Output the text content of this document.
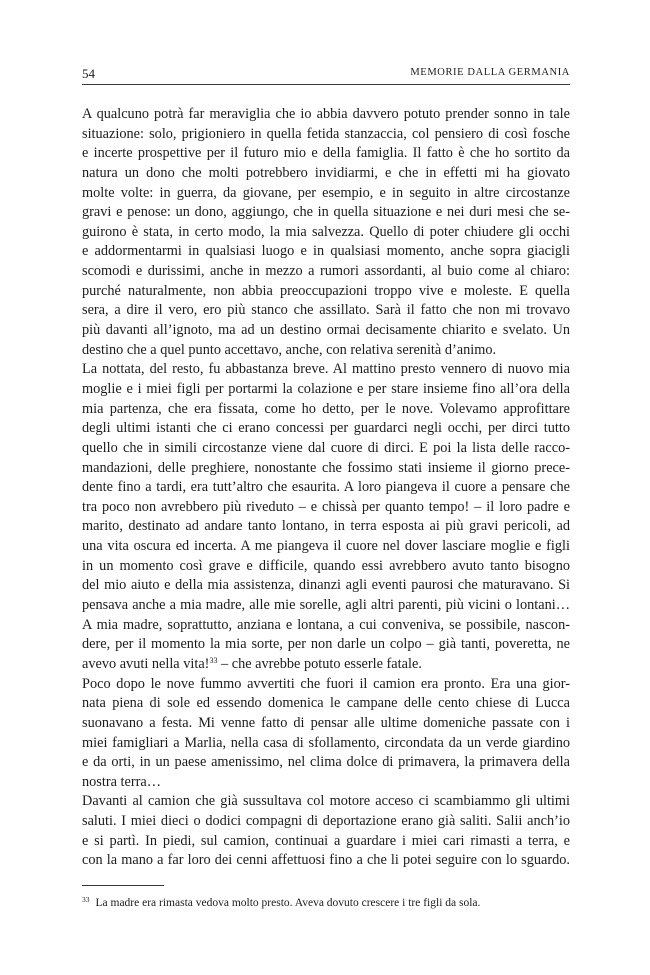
54	MEMORIE DALLA GERMANIA
A qualcuno potrà far meraviglia che io abbia davvero potuto prender sonno in tale
situazione: solo, prigioniero in quella fetida stanzaccia, col pensiero di così fosche
e incerte prospettive per il futuro mio e della famiglia. Il fatto è che ho sortito da
natura un dono che molti potrebbero invidiarmi, e che in effetti mi ha giovato
molte volte: in guerra, da giovane, per esempio, e in seguito in altre circostanze
gravi e penose: un dono, aggiungo, che in quella situazione e nei duri mesi che se-
guirono è stata, in certo modo, la mia salvezza. Quello di poter chiudere gli occhi
e addormentarmi in qualsiasi luogo e in qualsiasi momento, anche sopra giacigli
scomodi e durissimi, anche in mezzo a rumori assordanti, al buio come al chiaro:
purché naturalmente, non abbia preoccupazioni troppo vive e moleste. E quella
sera, a dire il vero, ero più stanco che assillato. Sarà il fatto che non mi trovavo
più davanti all’ignoto, ma ad un destino ormai decisamente chiarito e svelato. Un
destino che a quel punto accettavo, anche, con relativa serenità d’animo.
La nottata, del resto, fu abbastanza breve. Al mattino presto vennero di nuovo mia
moglie e i miei figli per portarmi la colazione e per stare insieme fino all’ora della
mia partenza, che era fissata, come ho detto, per le nove. Volevamo approfittare
degli ultimi istanti che ci erano concessi per guardarci negli occhi, per dirci tutto
quello che in simili circostanze viene dal cuore di dirci. E poi la lista delle racco-
mandazioni, delle preghiere, nonostante che fossimo stati insieme il giorno prece-
dente fino a tardi, era tutt’altro che esaurita. A loro piangeva il cuore a pensare che
tra poco non avrebbero più riveduto – e chissà per quanto tempo! – il loro padre e
marito, destinato ad andare tanto lontano, in terra esposta ai più gravi pericoli, ad
una vita oscura ed incerta. A me piangeva il cuore nel dover lasciare moglie e figli
in un momento così grave e difficile, quando essi avrebbero avuto tanto bisogno
del mio aiuto e della mia assistenza, dinanzi agli eventi paurosi che maturavano. Si
pensava anche a mia madre, alle mie sorelle, agli altri parenti, più vicini o lontani…
A mia madre, soprattutto, anziana e lontana, a cui conveniva, se possibile, nascon-
dere, per il momento la mia sorte, per non darle un colpo – già tanti, poveretta, ne
avevo avuti nella vita!$^{33}$ – che avrebbe potuto esserle fatale.
Poco dopo le nove fummo avvertiti che fuori il camion era pronto. Era una gior-
nata piena di sole ed essendo domenica le campane delle cento chiese di Lucca
suonavano a festa. Mi venne fatto di pensar alle ultime domeniche passate con i
miei famigliari a Marlia, nella casa di sfollamento, circondata da un verde giardino
e da orti, in un paese amenissimo, nel clima dolce di primavera, la primavera della
nostra terra…
Davanti al camion che già sussultava col motore acceso ci scambiammo gli ultimi
saluti. I miei dieci o dodici compagni di deportazione erano già saliti. Salii anch’io
e si partì. In piedi, sul camion, continuai a guardare i miei cari rimasti a terra, e
con la mano a far loro dei cenni affettuosi fino a che li potei seguire con lo sguardo.
$^{33}$ La madre era rimasta vedova molto presto. Aveva dovuto crescere i tre figli da sola.
